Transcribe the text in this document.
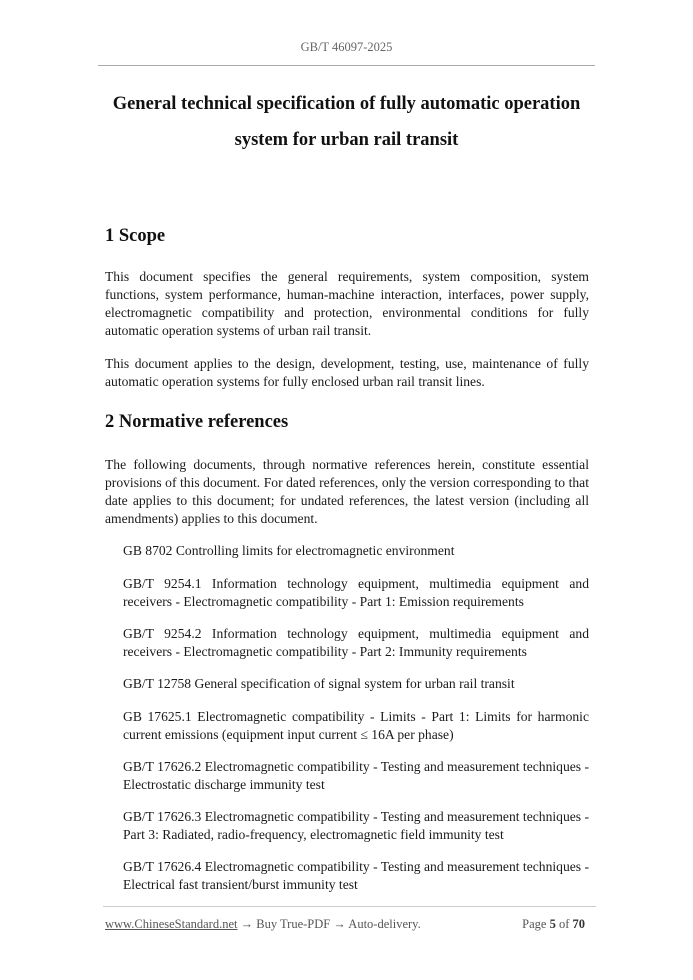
GB/T 46097-2025
General technical specification of fully automatic operation
system for urban rail transit
1 Scope

This document specifies the general requirements, system composition, system functions, system performance, human-machine interaction, interfaces, power supply, electromagnetic compatibility and protection, environmental conditions for fully automatic operation systems of urban rail transit.

This document applies to the design, development, testing, use, maintenance of fully automatic operation systems for fully enclosed urban rail transit lines.

2 Normative references

The following documents, through normative references herein, constitute essential provisions of this document. For dated references, only the version corresponding to that date applies to this document; for undated references, the latest version (including all amendments) applies to this document.

GB 8702 Controlling limits for electromagnetic environment

GB/T 9254.1 Information technology equipment, multimedia equipment and receivers - Electromagnetic compatibility - Part 1: Emission requirements

GB/T 9254.2 Information technology equipment, multimedia equipment and receivers - Electromagnetic compatibility - Part 2: Immunity requirements

GB/T 12758 General specification of signal system for urban rail transit

GB 17625.1 Electromagnetic compatibility - Limits - Part 1: Limits for harmonic current emissions (equipment input current ≤ 16A per phase)

GB/T 17626.2 Electromagnetic compatibility - Testing and measurement techniques - Electrostatic discharge immunity test

GB/T 17626.3 Electromagnetic compatibility - Testing and measurement techniques - Part 3: Radiated, radio-frequency, electromagnetic field immunity test

GB/T 17626.4 Electromagnetic compatibility - Testing and measurement techniques - Electrical fast transient/burst immunity test

www.ChineseStandard.net → Buy True-PDF → Auto-delivery.	Page 5 of 70
